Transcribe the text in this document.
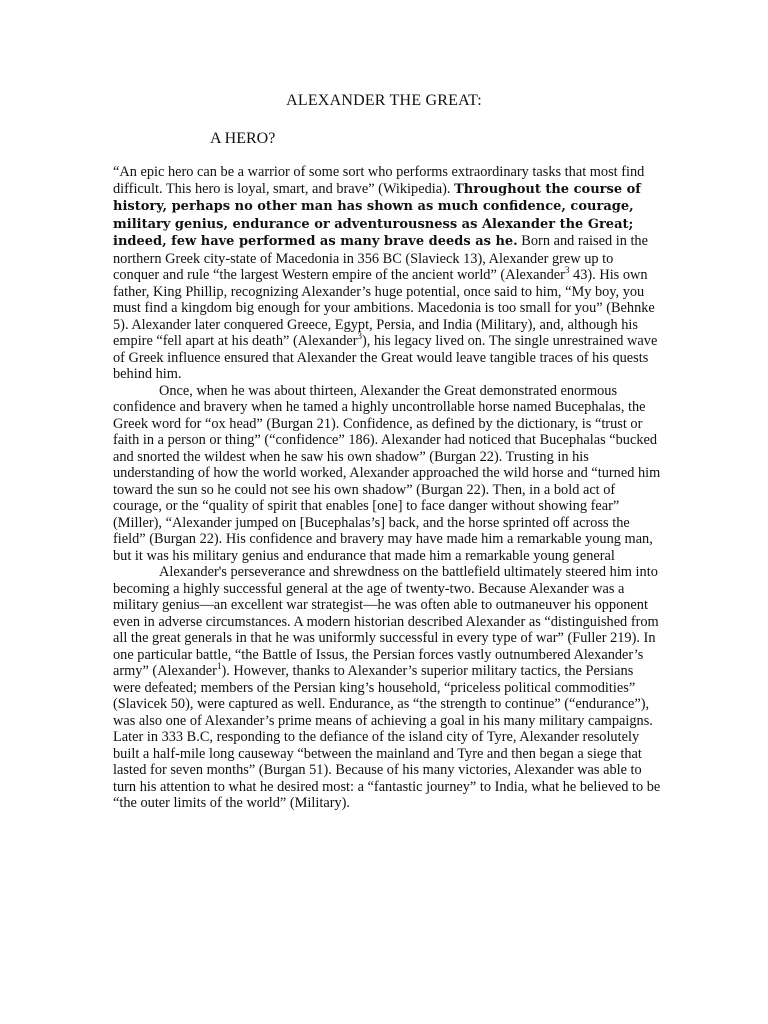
ALEXANDER THE GREAT:
A HERO?

“An epic hero can be a warrior of some sort who performs extraordinary tasks that most find difficult. This hero is loyal, smart, and brave” (Wikipedia). Throughout the course of history, perhaps no other man has shown as much confidence, courage, military genius, endurance or adventurousness as Alexander the Great; indeed, few have performed as many brave deeds as he. Born and raised in the northern Greek city-state of Macedonia in 356 BC (Slavieck 13), Alexander grew up to conquer and rule “the largest Western empire of the ancient world” (Alexander$^3$ 43). His own father, King Phillip, recognizing Alexander’s huge potential, once said to him, “My boy, you must find a kingdom big enough for your ambitions. Macedonia is too small for you” (Behnke 5). Alexander later conquered Greece, Egypt, Persia, and India (Military), and, although his empire “fell apart at his death” (Alexander$^3$), his legacy lived on. The single unrestrained wave of Greek influence ensured that Alexander the Great would leave tangible traces of his quests behind him.

Once, when he was about thirteen, Alexander the Great demonstrated enormous confidence and bravery when he tamed a highly uncontrollable horse named Bucephalas, the Greek word for “ox head” (Burgan 21). Confidence, as defined by the dictionary, is “trust or faith in a person or thing” (“confidence” 186). Alexander had noticed that Bucephalas “bucked and snorted the wildest when he saw his own shadow” (Burgan 22). Trusting in his understanding of how the world worked, Alexander approached the wild horse and “turned him toward the sun so he could not see his own shadow” (Burgan 22). Then, in a bold act of courage, or the “quality of spirit that enables [one] to face danger without showing fear” (Miller), “Alexander jumped on [Bucephalas’s] back, and the horse sprinted off across the field” (Burgan 22). His confidence and bravery may have made him a remarkable young man, but it was his military genius and endurance that made him a remarkable young general

Alexander's perseverance and shrewdness on the battlefield ultimately steered him into becoming a highly successful general at the age of twenty-two. Because Alexander was a military genius—an excellent war strategist—he was often able to outmaneuver his opponent even in adverse circumstances. A modern historian described Alexander as “distinguished from all the great generals in that he was uniformly successful in every type of war” (Fuller 219). In one particular battle, “the Battle of Issus, the Persian forces vastly outnumbered Alexander’s army” (Alexander$^1$). However, thanks to Alexander’s superior military tactics, the Persians were defeated; members of the Persian king’s household, “priceless political commodities” (Slavicek 50), were captured as well. Endurance, as “the strength to continue” (“endurance”), was also one of Alexander’s prime means of achieving a goal in his many military campaigns. Later in 333 B.C, responding to the defiance of the island city of Tyre, Alexander resolutely built a half-mile long causeway “between the mainland and Tyre and then began a siege that lasted for seven months” (Burgan 51). Because of his many victories, Alexander was able to turn his attention to what he desired most: a “fantastic journey” to India, what he believed to be “the outer limits of the world” (Military).
